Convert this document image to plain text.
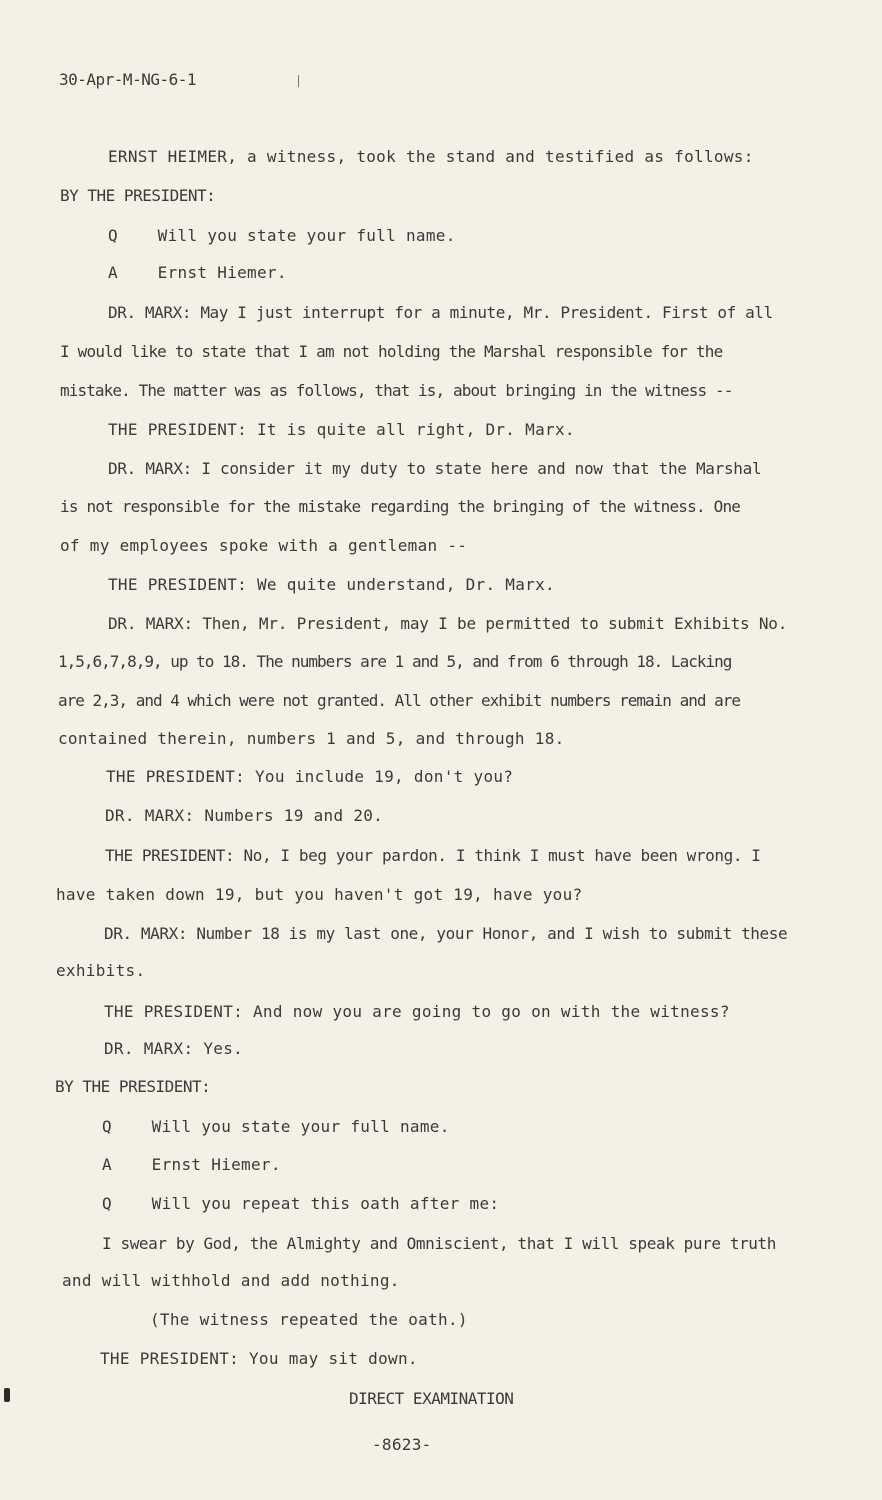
30-Apr-M-NG-6-1
ERNST HEIMER, a witness, took the stand and testified as follows:
BY THE PRESIDENT:
Q    Will you state your full name.
A    Ernst Hiemer.
DR. MARX: May I just interrupt for a minute, Mr. President. First of all
I would like to state that I am not holding the Marshal responsible for the
mistake. The matter was as follows, that is, about bringing in the witness --
THE PRESIDENT: It is quite all right, Dr. Marx.
DR. MARX: I consider it my duty to state here and now that the Marshal
is not responsible for the mistake regarding the bringing of the witness. One
of my employees spoke with a gentleman --
THE PRESIDENT: We quite understand, Dr. Marx.
DR. MARX: Then, Mr. President, may I be permitted to submit Exhibits No.
1,5,6,7,8,9, up to 18. The numbers are 1 and 5, and from 6 through 18. Lacking
are 2,3, and 4 which were not granted. All other exhibit numbers remain and are
contained therein, numbers 1 and 5, and through 18.
THE PRESIDENT: You include 19, don't you?
DR. MARX: Numbers 19 and 20.
THE PRESIDENT: No, I beg your pardon. I think I must have been wrong. I
have taken down 19, but you haven't got 19, have you?
DR. MARX: Number 18 is my last one, your Honor, and I wish to submit these
exhibits.
THE PRESIDENT: And now you are going to go on with the witness?
DR. MARX: Yes.
BY THE PRESIDENT:
Q    Will you state your full name.
A    Ernst Hiemer.
Q    Will you repeat this oath after me:
I swear by God, the Almighty and Omniscient, that I will speak pure truth
and will withhold and add nothing.
(The witness repeated the oath.)
THE PRESIDENT: You may sit down.
DIRECT EXAMINATION
-8623-
